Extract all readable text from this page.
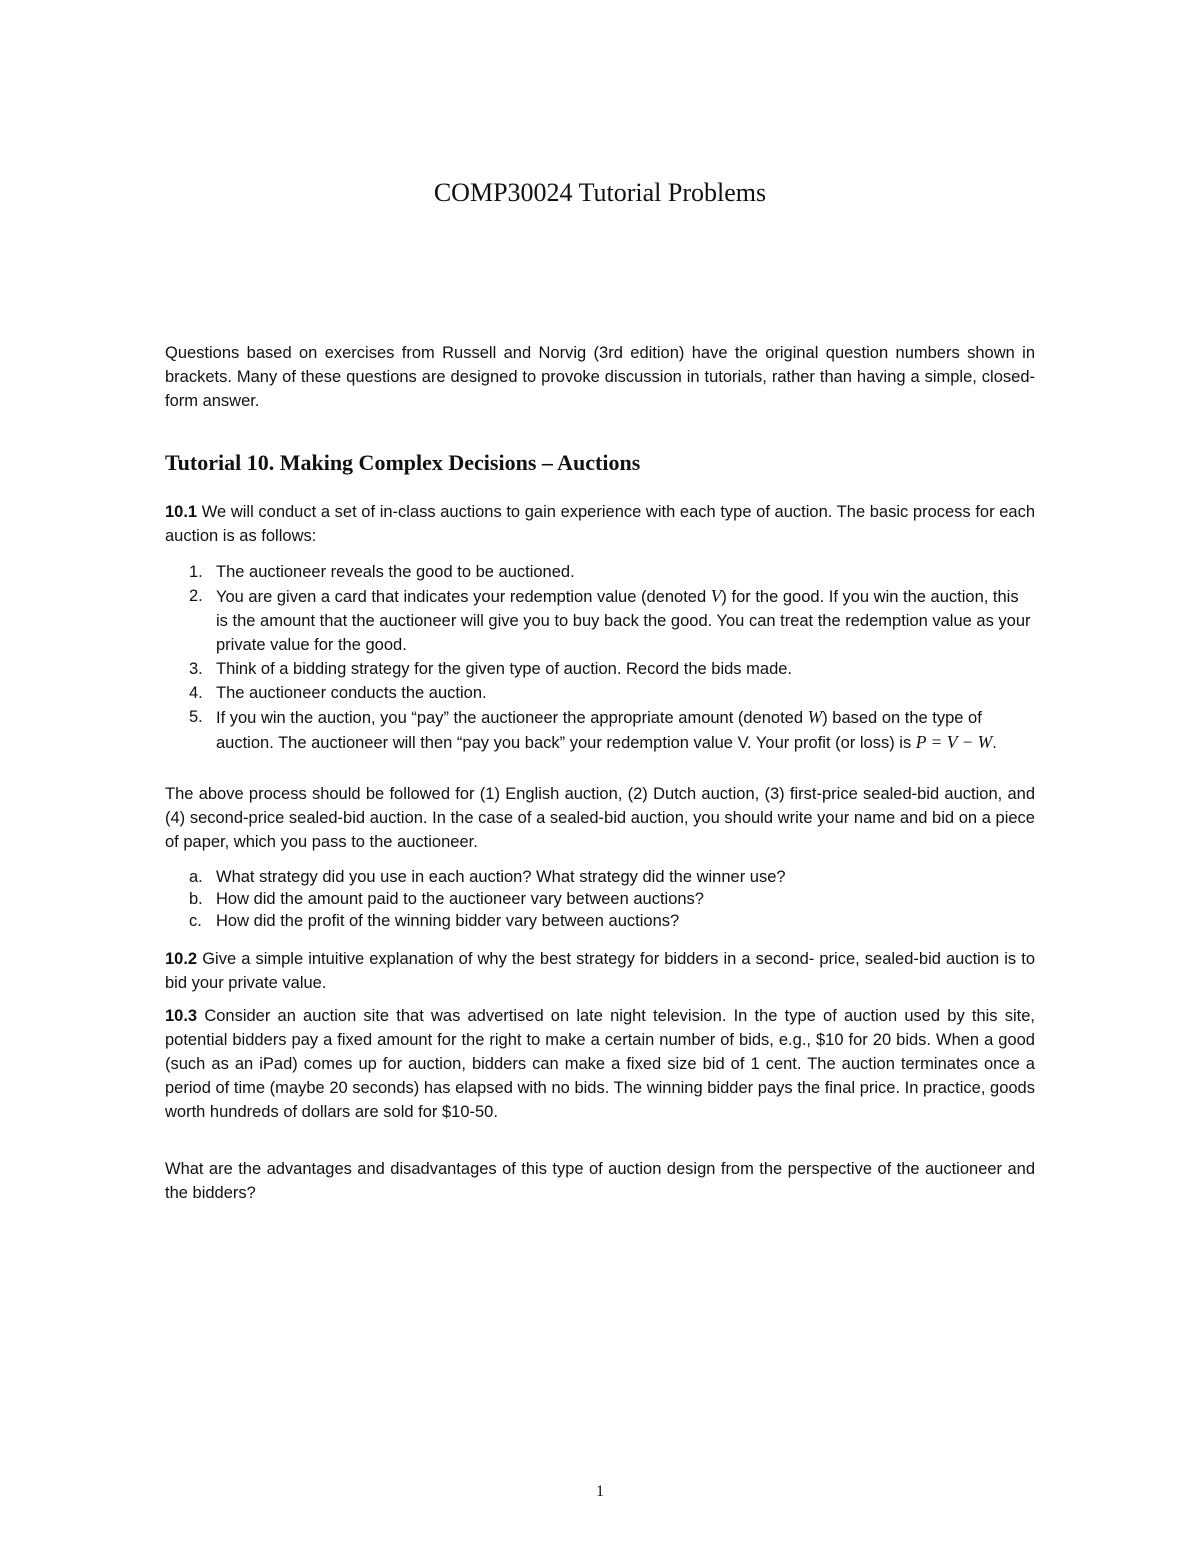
COMP30024 Tutorial Problems

Questions based on exercises from Russell and Norvig (3rd edition) have the original question numbers shown in brackets. Many of these questions are designed to provoke discussion in tutorials, rather than having a simple, closed-form answer.

Tutorial 10. Making Complex Decisions – Auctions

10.1 We will conduct a set of in-class auctions to gain experience with each type of auction. The basic process for each auction is as follows:

1. The auctioneer reveals the good to be auctioned.
2. You are given a card that indicates your redemption value (denoted V) for the good. If you win the auction, this is the amount that the auctioneer will give you to buy back the good. You can treat the redemption value as your private value for the good.
3. Think of a bidding strategy for the given type of auction. Record the bids made.
4. The auctioneer conducts the auction.
5. If you win the auction, you “pay” the auctioneer the appropriate amount (denoted W) based on the type of auction. The auctioneer will then “pay you back” your redemption value V. Your profit (or loss) is P = V − W.

The above process should be followed for (1) English auction, (2) Dutch auction, (3) first-price sealed-bid auction, and (4) second-price sealed-bid auction. In the case of a sealed-bid auction, you should write your name and bid on a piece of paper, which you pass to the auctioneer.

a. What strategy did you use in each auction? What strategy did the winner use?
b. How did the amount paid to the auctioneer vary between auctions?
c. How did the profit of the winning bidder vary between auctions?

10.2 Give a simple intuitive explanation of why the best strategy for bidders in a second- price, sealed-bid auction is to bid your private value.

10.3 Consider an auction site that was advertised on late night television. In the type of auction used by this site, potential bidders pay a fixed amount for the right to make a certain number of bids, e.g., $10 for 20 bids. When a good (such as an iPad) comes up for auction, bidders can make a fixed size bid of 1 cent. The auction terminates once a period of time (maybe 20 seconds) has elapsed with no bids. The winning bidder pays the final price. In practice, goods worth hundreds of dollars are sold for $10-50.

What are the advantages and disadvantages of this type of auction design from the perspective of the auctioneer and the bidders?

1
